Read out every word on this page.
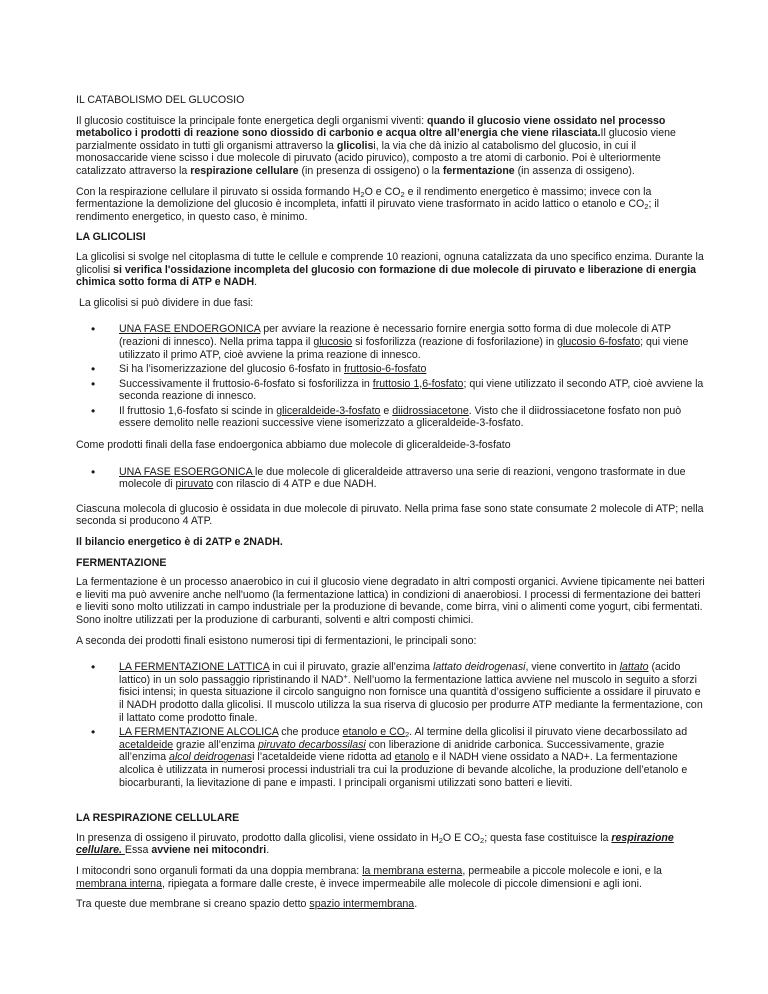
IL CATABOLISMO DEL GLUCOSIO

Il glucosio costituisce la principale fonte energetica degli organismi viventi: quando il glucosio viene ossidato nel processo metabolico i prodotti di reazione sono diossido di carbonio e acqua oltre all’energia che viene rilasciata.Il glucosio viene parzialmente ossidato in tutti gli organismi attraverso la glicolisi, la via che dà inizio al catabolismo del glucosio, in cui il monosaccaride viene scisso i due molecole di piruvato (acido piruvico), composto a tre atomi di carbonio. Poi è ulteriormente catalizzato attraverso la respirazione cellulare (in presenza di ossigeno) o la fermentazione (in assenza di ossigeno).

Con la respirazione cellulare il piruvato si ossida formando $H_2O$ e $CO_2$ e il rendimento energetico è massimo; invece con la fermentazione la demolizione del glucosio è incompleta, infatti il piruvato viene trasformato in acido lattico o etanolo e $CO_2$; il rendimento energetico, in questo caso, è minimo.

LA GLICOLISI

La glicolisi si svolge nel citoplasma di tutte le cellule e comprende 10 reazioni, ognuna catalizzata da uno specifico enzima. Durante la glicolisi si verifica l'ossidazione incompleta del glucosio con formazione di due molecole di piruvato e liberazione di energia chimica sotto forma di ATP e NADH.

La glicolisi si può dividere in due fasi:

• UNA FASE ENDOERGONICA per avviare la reazione è necessario fornire energia sotto forma di due molecole di ATP (reazioni di innesco). Nella prima tappa il glucosio si fosforilizza (reazione di fosforilazione) in glucosio 6-fosfato; qui viene utilizzato il primo ATP, cioè avviene la prima reazione di innesco.
• Si ha l’isomerizzazione del glucosio 6-fosfato in fruttosio-6-fosfato
• Successivamente il fruttosio-6-fosfato si fosforilizza in fruttosio 1,6-fosfato; qui viene utilizzato il secondo ATP, cioè avviene la seconda reazione di innesco.
• Il fruttosio 1,6-fosfato si scinde in gliceraldeide-3-fosfato e diidrossiacetone. Visto che il diidrossiacetone fosfato non può essere demolito nelle reazioni successive viene isomerizzato a gliceraldeide-3-fosfato.

Come prodotti finali della fase endoergonica abbiamo due molecole di gliceraldeide-3-fosfato

• UNA FASE ESOERGONICA le due molecole di gliceraldeide attraverso una serie di reazioni, vengono trasformate in due molecole di piruvato con rilascio di 4 ATP e due NADH.

Ciascuna molecola di glucosio è ossidata in due molecole di piruvato. Nella prima fase sono state consumate 2 molecole di ATP; nella seconda si producono 4 ATP.

Il bilancio energetico è di 2ATP e 2NADH.

FERMENTAZIONE

La fermentazione è un processo anaerobico in cui il glucosio viene degradato in altri composti organici. Avviene tipicamente nei batteri e lieviti ma può avvenire anche nell'uomo (la fermentazione lattica) in condizioni di anaerobiosi. I processi di fermentazione dei batteri e lieviti sono molto utilizzati in campo industriale per la produzione di bevande, come birra, vini o alimenti come yogurt, cibi fermentati. Sono inoltre utilizzati per la produzione di carburanti, solventi e altri composti chimici.

A seconda dei prodotti finali esistono numerosi tipi di fermentazioni, le principali sono:

• LA FERMENTAZIONE LATTICA in cui il piruvato, grazie all’enzima lattato deidrogenasi, viene convertito in lattato (acido lattico) in un solo passaggio ripristinando il NAD+. Nell’uomo la fermentazione lattica avviene nel muscolo in seguito a sforzi fisici intensi; in questa situazione il circolo sanguigno non fornisce una quantità d’ossigeno sufficiente a ossidare il piruvato e il NADH prodotto dalla glicolisi. Il muscolo utilizza la sua riserva di glucosio per produrre ATP mediante la fermentazione, con il lattato come prodotto finale.
• LA FERMENTAZIONE ALCOLICA che produce etanolo e $CO_2$. Al termine della glicolisi il piruvato viene decarbossilato ad acetaldeide grazie all’enzima piruvato decarbossilasi con liberazione di anidride carbonica. Successivamente, grazie all’enzima alcol deidrogenasi l’acetaldeide viene ridotta ad etanolo e il NADH viene ossidato a NAD+. La fermentazione alcolica è utilizzata in numerosi processi industriali tra cui la produzione di bevande alcoliche, la produzione dell’etanolo e biocarburanti, la lievitazione di pane e impasti. I principali organismi utilizzati sono batteri e lieviti.
LA RESPIRAZIONE CELLULARE

In presenza di ossigeno il piruvato, prodotto dalla glicolisi, viene ossidato in $H_2O$ E $CO_2$; questa fase costituisce la respirazione cellulare. Essa avviene nei mitocondri.

I mitocondri sono organuli formati da una doppia membrana: la membrana esterna, permeabile a piccole molecole e ioni, e la membrana interna, ripiegata a formare dalle creste, è invece impermeabile alle molecole di piccole dimensioni e agli ioni.

Tra queste due membrane si creano spazio detto spazio intermembrana.
